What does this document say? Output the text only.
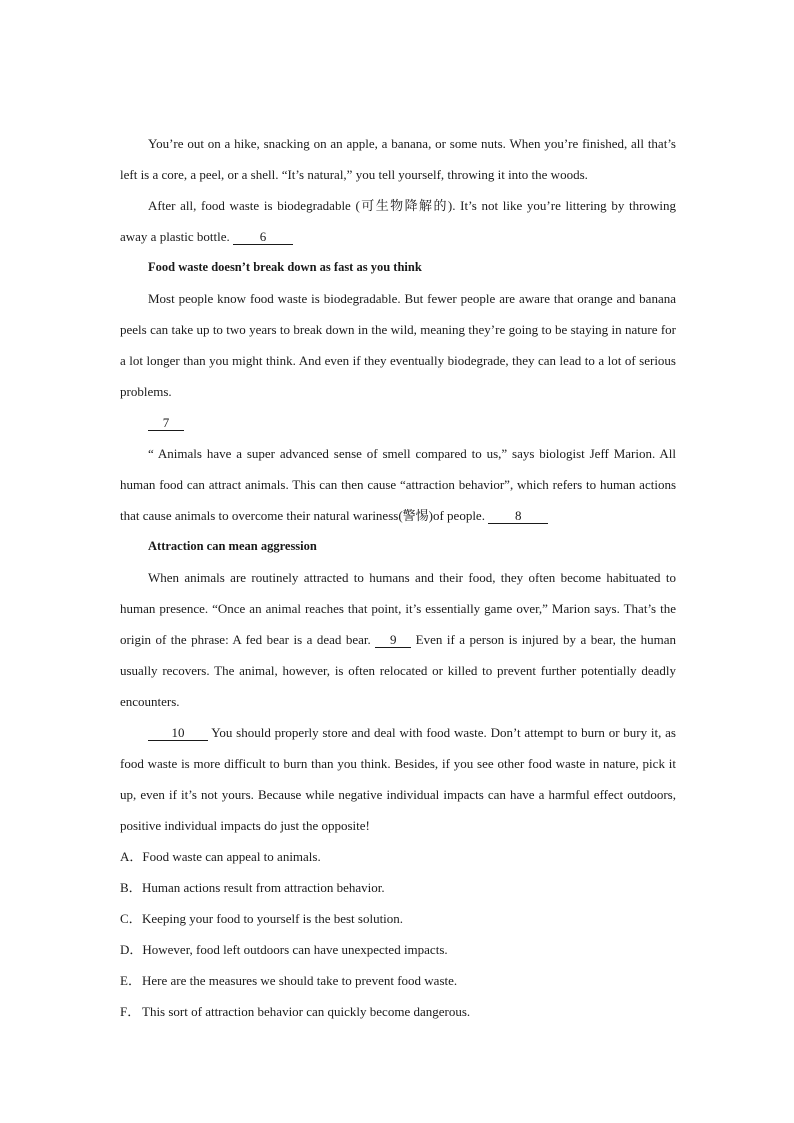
You’re out on a hike, snacking on an apple, a banana, or some nuts. When you’re finished, all that’s left is a core, a peel, or a shell. “It’s natural,” you tell yourself, throwing it into the woods.

After all, food waste is biodegradable (可生物降解的). It’s not like you’re littering by throwing away a plastic bottle. 6

Food waste doesn’t break down as fast as you think

Most people know food waste is biodegradable. But fewer people are aware that orange and banana peels can take up to two years to break down in the wild, meaning they’re going to be staying in nature for a lot longer than you might think. And even if they eventually biodegrade, they can lead to a lot of serious problems.

7

“ Animals have a super advanced sense of smell compared to us,” says biologist Jeff Marion. All human food can attract animals. This can then cause “attraction behavior”, which refers to human actions that cause animals to overcome their natural wariness(警惕)of people. 8

Attraction can mean aggression

When animals are routinely attracted to humans and their food, they often become habituated to human presence. “Once an animal reaches that point, it’s essentially game over,” Marion says. That’s the origin of the phrase: A fed bear is a dead bear. 9 Even if a person is injured by a bear, the human usually recovers. The animal, however, is often relocated or killed to prevent further potentially deadly encounters.

10 You should properly store and deal with food waste. Don’t attempt to burn or bury it, as food waste is more difficult to burn than you think. Besides, if you see other food waste in nature, pick it up, even if it’s not yours. Because while negative individual impacts can have a harmful effect outdoors, positive individual impacts do just the opposite!

A．Food waste can appeal to animals.
B．Human actions result from attraction behavior.
C．Keeping your food to yourself is the best solution.
D．However, food left outdoors can have unexpected impacts.
E．Here are the measures we should take to prevent food waste.
F． This sort of attraction behavior can quickly become dangerous.
